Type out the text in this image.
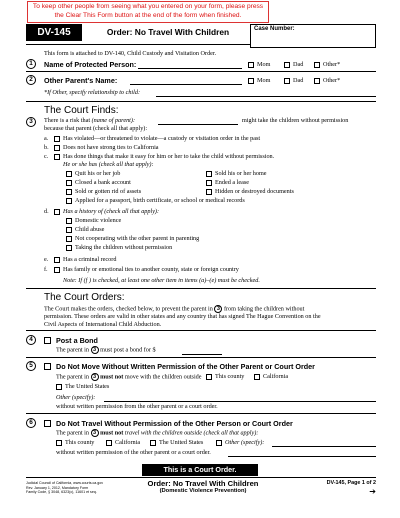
To keep other people from seeing what you entered on your form, please press the Clear This Form button at the end of the form when finished.
DV-145	Order: No Travel With Children	Case Number:
This form is attached to DV-140, Child Custody and Visitation Order.
1	Name of Protected Person:	Mom	Dad	Other*
2	Other Parent's Name:	Mom	Dad	Other*
*If Other, specify relationship to child:
The Court Finds:
3	There is a risk that (name of parent):	might take the children without permission
because that parent (check all that apply):
a. Has violated—or threatened to violate—a custody or visitation order in the past
b. Does not have strong ties to California
c. Has done things that make it easy for him or her to take the child without permission.
He or she has (check all that apply):
Quit his or her job
Closed a bank account
Sold or gotten rid of assets
Sold his or her home
Ended a lease
Hidden or destroyed documents
Applied for a passport, birth certificate, or school or medical records
d. Has a history of (check all that apply):
Domestic violence
Child abuse
Not cooperating with the other parent in parenting
Taking the children without permission
e. Has a criminal record
f. Has family or emotional ties to another county, state or foreign country
Note: If (f ) is checked, at least one other item in items (a)–(e) must be checked.
The Court Orders:
The Court makes the orders, checked below, to prevent the parent in 3 from taking the children without
permission. These orders are valid in other states and any country that has signed The Hague Convention on the
Civil Aspects of International Child Abduction.
4	Post a Bond
The parent in 3 must post a bond for $
5	Do Not Move Without Written Permission of the Other Parent or Court Order
The parent in 3 must not move with the children outside This county	California
The United States
Other (specify):
without written permission from the other parent or a court order.
6	Do Not Travel Without Permission of the Other Person or Court Order
The parent in 3 must not travel with the children outside (check all that apply):
This county	California	The United States	Other (specify):
without written permission of the other parent or a court order.
This is a Court Order.
Judicial Council of California, www.courts.ca.gov
Rev. January 1, 2012, Mandatory Form
Family Code, § 3048, 6323(c), 11601 et seq.
Order: No Travel With Children
(Domestic Violence Prevention)
DV-145, Page 1 of 2
➔
